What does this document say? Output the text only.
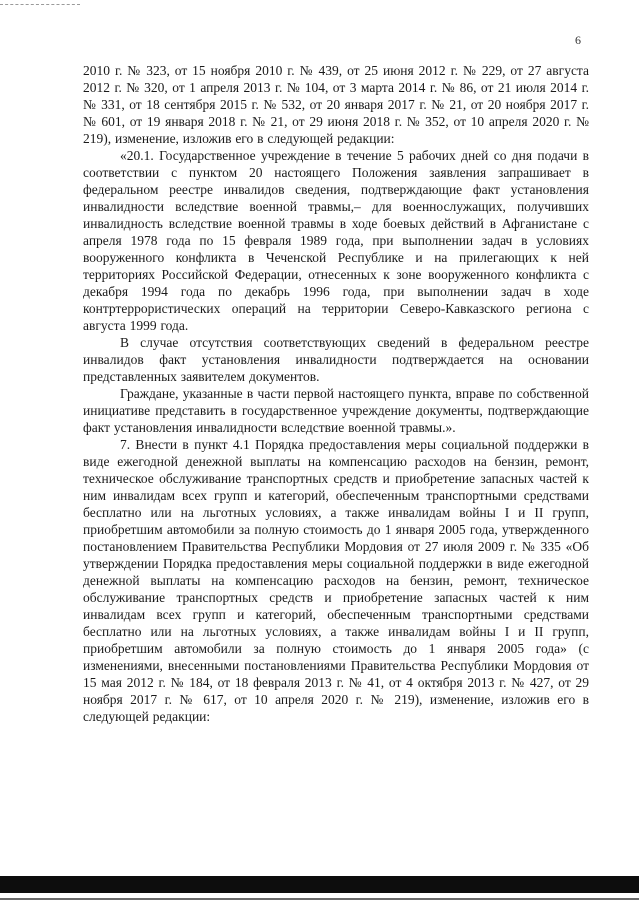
6

2010 г. № 323, от 15 ноября 2010 г. № 439, от 25 июня 2012 г. № 229, от 27 августа 2012 г. № 320, от 1 апреля 2013 г. № 104, от 3 марта 2014 г. № 86, от 21 июля 2014 г. № 331, от 18 сентября 2015 г. № 532, от 20 января 2017 г. № 21, от 20 ноября 2017 г. № 601, от 19 января 2018 г. № 21, от 29 июня 2018 г. № 352, от 10 апреля 2020 г. № 219), изменение, изложив его в следующей редакции:

«20.1. Государственное учреждение в течение 5 рабочих дней со дня подачи в соответствии с пунктом 20 настоящего Положения заявления запрашивает в федеральном реестре инвалидов сведения, подтверждающие факт установления инвалидности вследствие военной травмы,– для военнослужащих, получивших инвалидность вследствие военной травмы в ходе боевых действий в Афганистане с апреля 1978 года по 15 февраля 1989 года, при выполнении задач в условиях вооруженного конфликта в Чеченской Республике и на прилегающих к ней территориях Российской Федерации, отнесенных к зоне вооруженного конфликта с декабря 1994 года по декабрь 1996 года, при выполнении задач в ходе контртеррористических операций на территории Северо-Кавказского региона с августа 1999 года.

В случае отсутствия соответствующих сведений в федеральном реестре инвалидов факт установления инвалидности подтверждается на основании представленных заявителем документов.

Граждане, указанные в части первой настоящего пункта, вправе по собственной инициативе представить в государственное учреждение документы, подтверждающие факт установления инвалидности вследствие военной травмы.».

7. Внести в пункт 4.1 Порядка предоставления меры социальной поддержки в виде ежегодной денежной выплаты на компенсацию расходов на бензин, ремонт, техническое обслуживание транспортных средств и приобретение запасных частей к ним инвалидам всех групп и категорий, обеспеченным транспортными средствами бесплатно или на льготных условиях, а также инвалидам войны I и II групп, приобретшим автомобили за полную стоимость до 1 января 2005 года, утвержденного постановлением Правительства Республики Мордовия от 27 июля 2009 г. № 335 «Об утверждении Порядка предоставления меры социальной поддержки в виде ежегодной денежной выплаты на компенсацию расходов на бензин, ремонт, техническое обслуживание транспортных средств и приобретение запасных частей к ним инвалидам всех групп и категорий, обеспеченным транспортными средствами бесплатно или на льготных условиях, а также инвалидам войны I и II групп, приобретшим автомобили за полную стоимость до 1 января 2005 года» (с изменениями, внесенными постановлениями Правительства Республики Мордовия от 15 мая 2012 г. № 184, от 18 февраля 2013 г. № 41, от 4 октября 2013 г. № 427, от 29 ноября 2017 г. № 617, от 10 апреля 2020 г. № 219), изменение, изложив его в следующей редакции:
